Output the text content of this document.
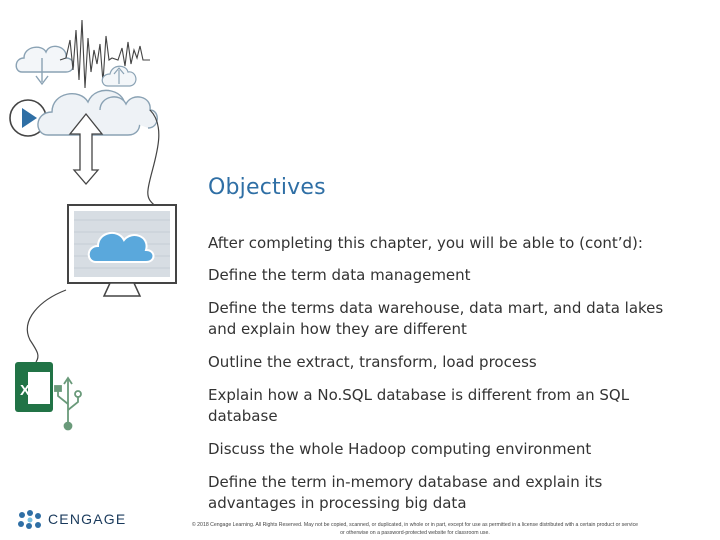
X
Objectives

After completing this chapter, you will be able to (cont’d):

Define the term data management

Define the terms data warehouse, data mart, and data lakes and explain how they are different

Outline the extract, transform, load process

Explain how a No.SQL database is different from an SQL database

Discuss the whole Hadoop computing environment

Define the term in-memory database and explain its advantages in processing big data

CENGAGE	© 2018 Cengage Learning. All Rights Reserved. May not be copied, scanned, or duplicated, in whole or in part, except for use as permitted in a license distributed with a certain product or service
or otherwise on a password-protected website for classroom use.
